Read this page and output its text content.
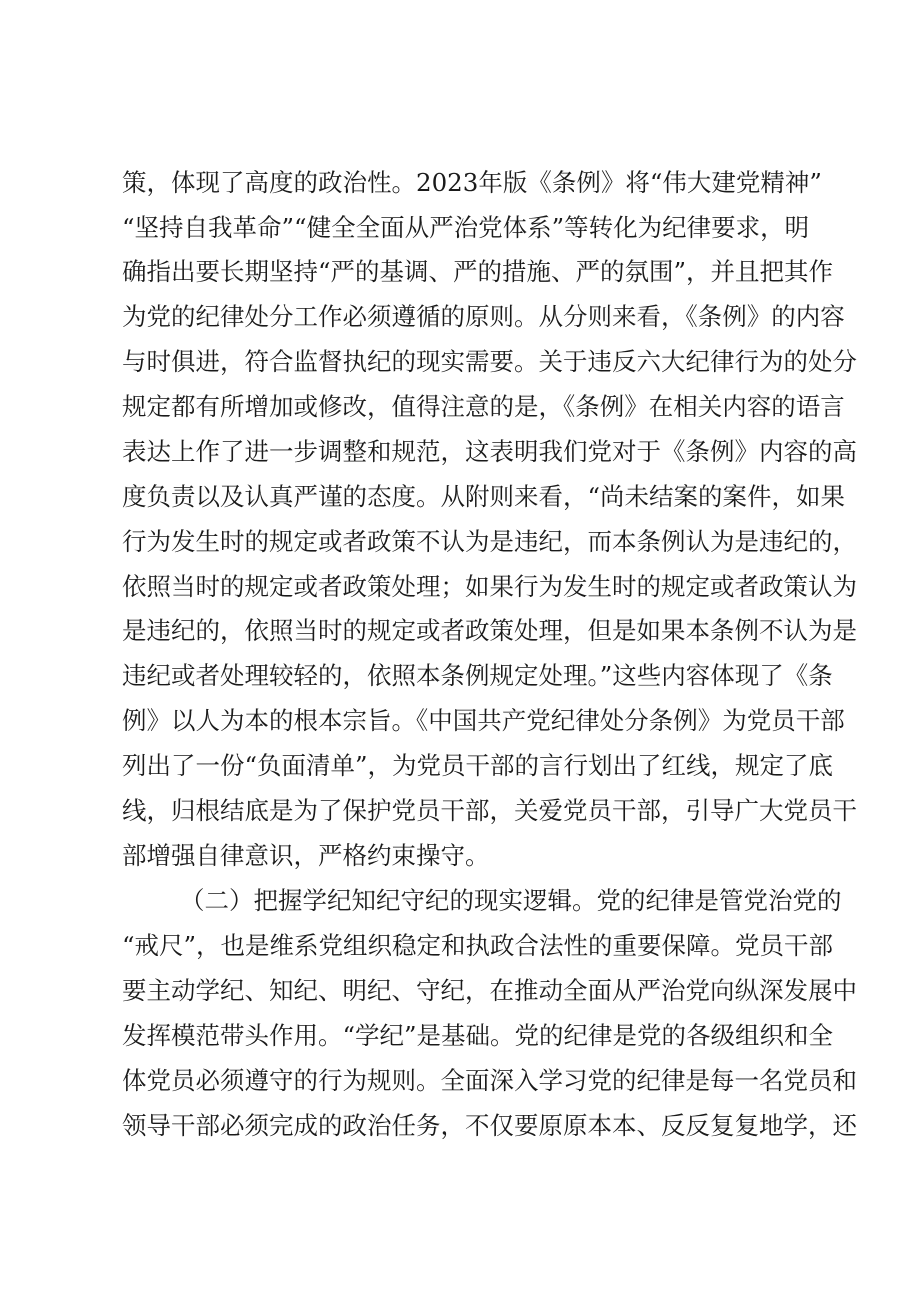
策，体现了高度的政治性。2023年版《条例》将“伟大建党精神”
“坚持自我革命”“健全全面从严治党体系”等转化为纪律要求，明
确指出要长期坚持“严的基调、严的措施、严的氛围”，并且把其作
为党的纪律处分工作必须遵循的原则。从分则来看，《条例》的内容
与时俱进，符合监督执纪的现实需要。关于违反六大纪律行为的处分
规定都有所增加或修改，值得注意的是，《条例》在相关内容的语言
表达上作了进一步调整和规范，这表明我们党对于《条例》内容的高
度负责以及认真严谨的态度。从附则来看，“尚未结案的案件，如果
行为发生时的规定或者政策不认为是违纪，而本条例认为是违纪的，
依照当时的规定或者政策处理；如果行为发生时的规定或者政策认为
是违纪的，依照当时的规定或者政策处理，但是如果本条例不认为是
违纪或者处理较轻的，依照本条例规定处理。”这些内容体现了《条
例》以人为本的根本宗旨。《中国共产党纪律处分条例》为党员干部
列出了一份“负面清单”，为党员干部的言行划出了红线，规定了底
线，归根结底是为了保护党员干部，关爱党员干部，引导广大党员干
部增强自律意识，严格约束操守。
（二）把握学纪知纪守纪的现实逻辑。党的纪律是管党治党的
“戒尺”，也是维系党组织稳定和执政合法性的重要保障。党员干部
要主动学纪、知纪、明纪、守纪，在推动全面从严治党向纵深发展中
发挥模范带头作用。“学纪”是基础。党的纪律是党的各级组织和全
体党员必须遵守的行为规则。全面深入学习党的纪律是每一名党员和
领导干部必须完成的政治任务，不仅要原原本本、反反复复地学，还
